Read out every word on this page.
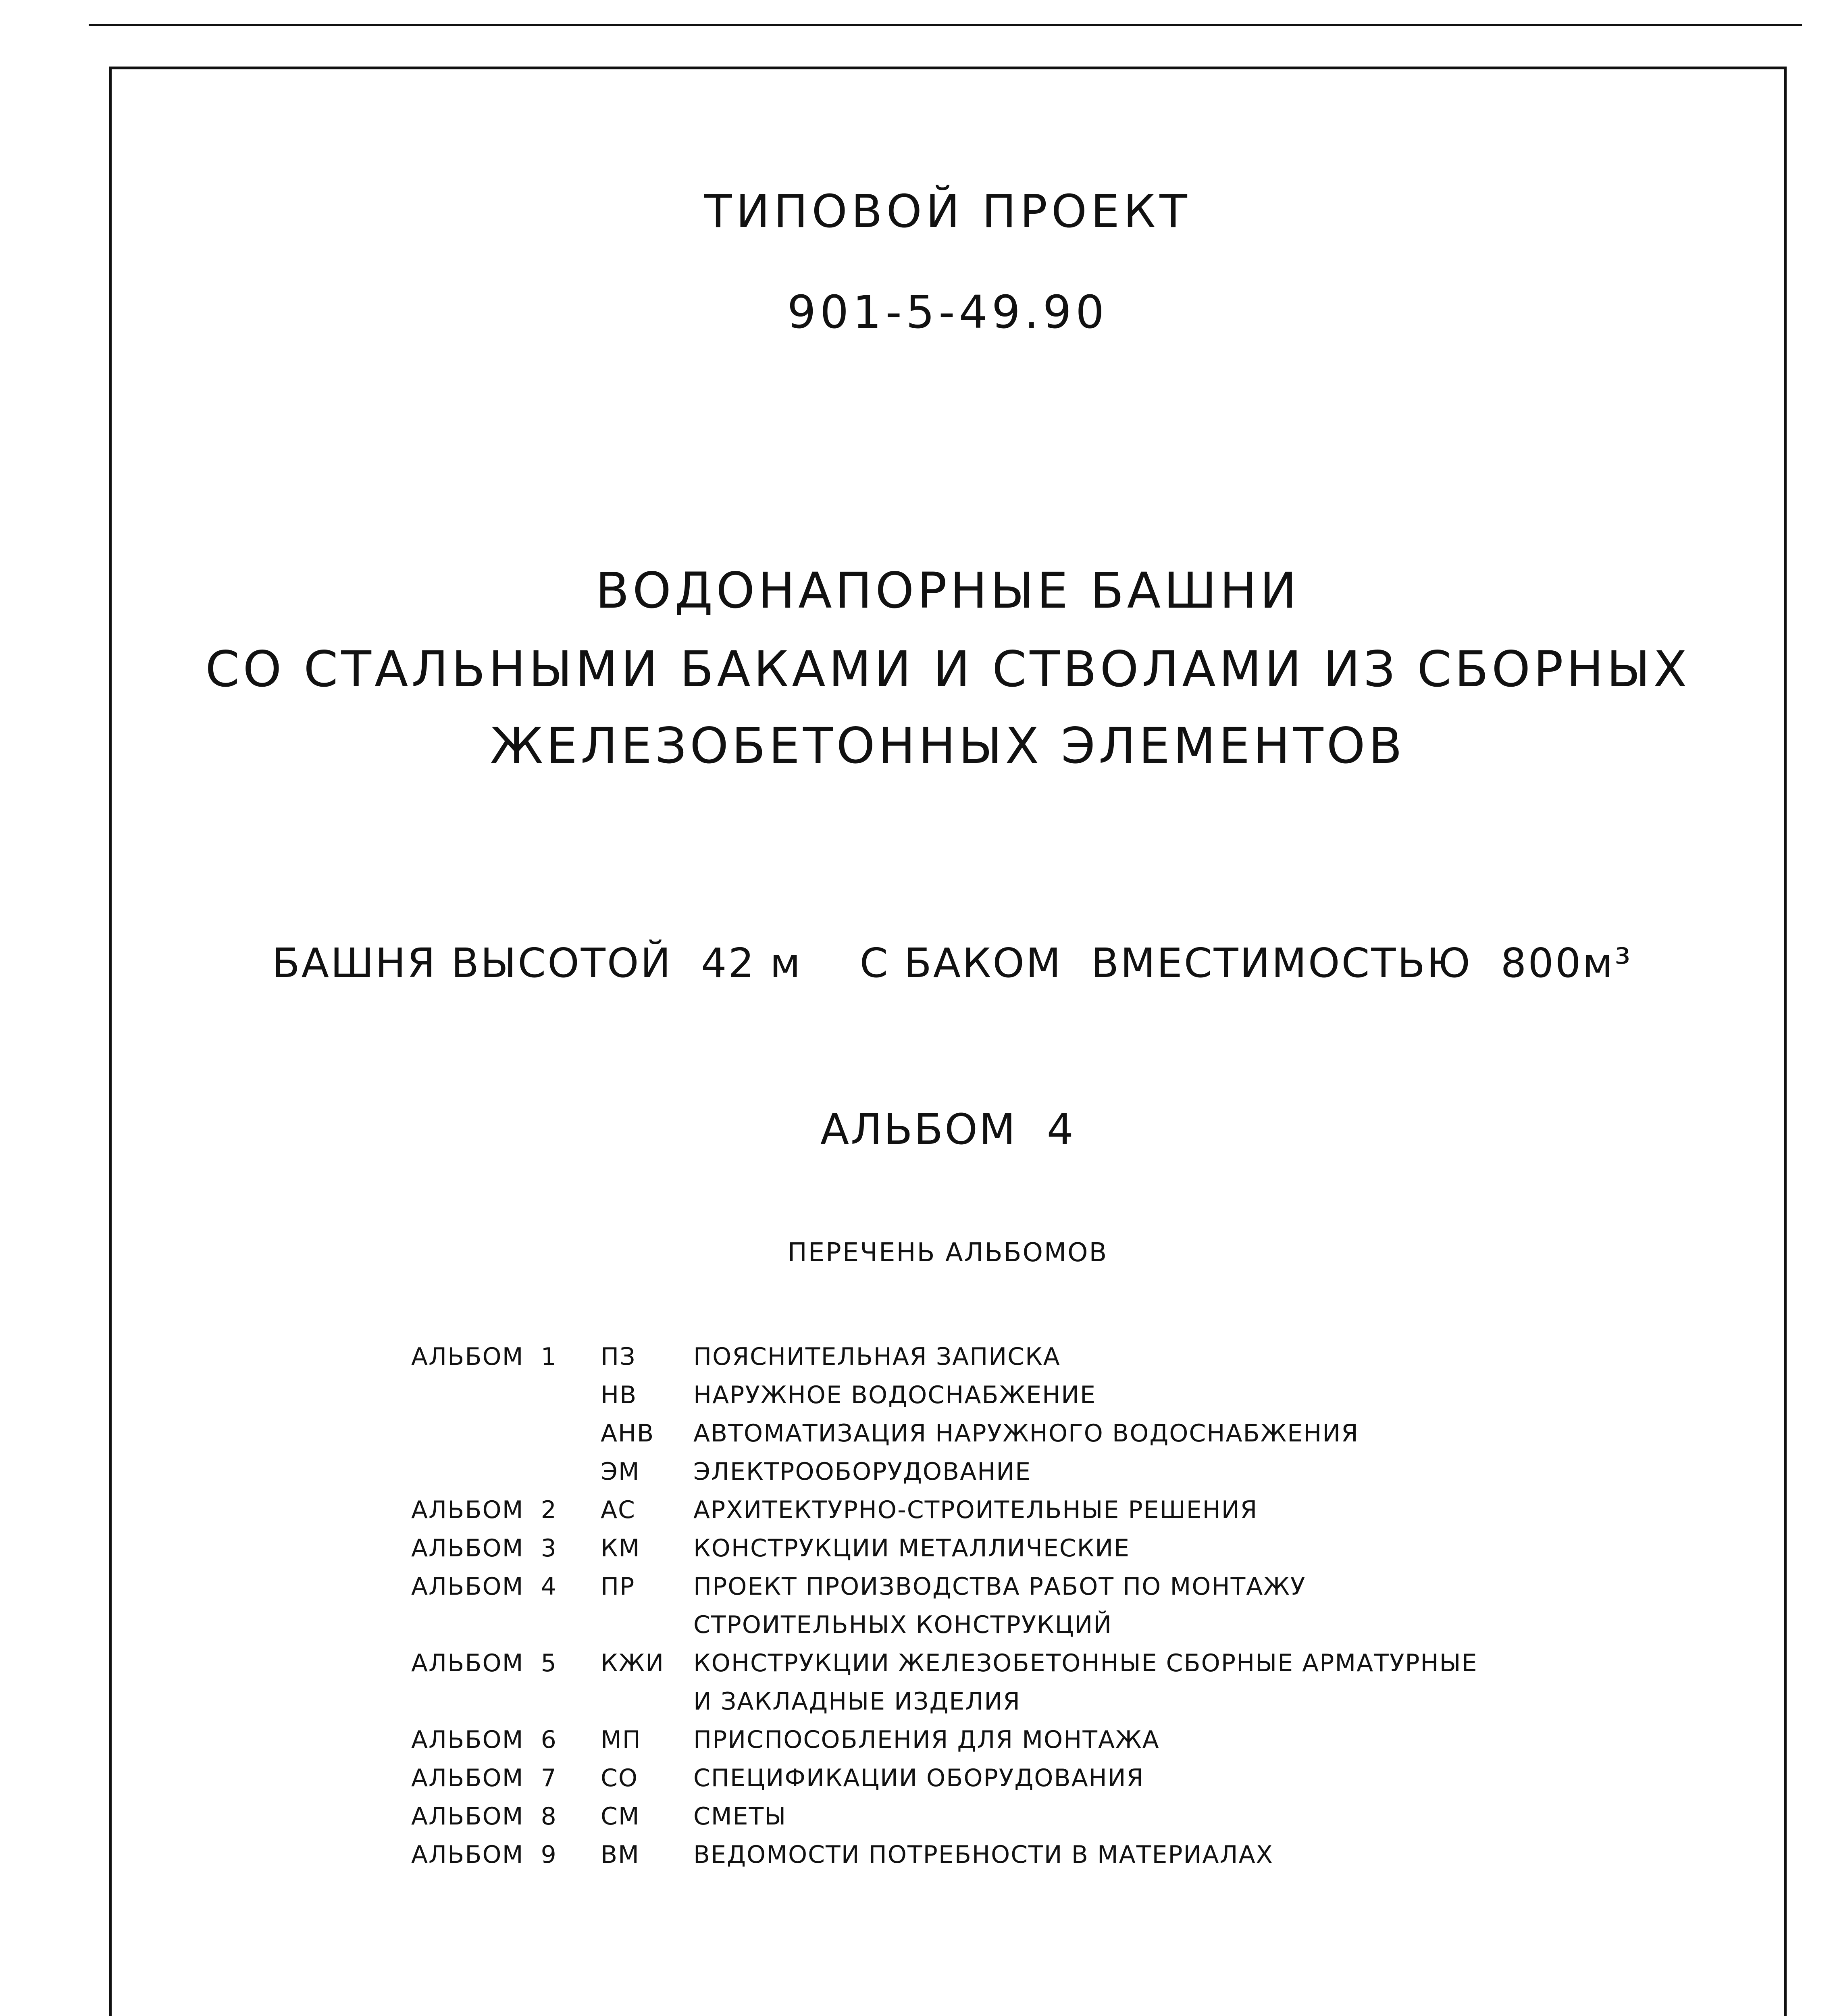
ТИПОВОЙ ПРОЕКТ
901-5-49.90
ВОДОНАПОРНЫЕ БАШНИ
СО СТАЛЬНЫМИ БАКАМИ И СТВОЛАМИ ИЗ СБОРНЫХ
ЖЕЛЕЗОБЕТОННЫХ ЭЛЕМЕНТОВ
БАШНЯ ВЫСОТОЙ  42 м    С БАКОМ  ВМЕСТИМОСТЬЮ  800м³
АЛЬБОМ  4
ПЕРЕЧЕНЬ АЛЬБОМОВ
АЛЬБОМ  1 ПЗ ПОЯСНИТЕЛЬНАЯ ЗАПИСКА
НВ НАРУЖНОЕ ВОДОСНАБЖЕНИЕ
АНВ АВТОМАТИЗАЦИЯ НАРУЖНОГО ВОДОСНАБЖЕНИЯ
ЭМ ЭЛЕКТРООБОРУДОВАНИЕ
АЛЬБОМ  2 АС АРХИТЕКТУРНО-СТРОИТЕЛЬНЫЕ РЕШЕНИЯ
АЛЬБОМ  3 КМ КОНСТРУКЦИИ МЕТАЛЛИЧЕСКИЕ
АЛЬБОМ  4 ПР ПРОЕКТ ПРОИЗВОДСТВА РАБОТ ПО МОНТАЖУ
СТРОИТЕЛЬНЫХ КОНСТРУКЦИЙ
АЛЬБОМ  5 КЖИ КОНСТРУКЦИИ ЖЕЛЕЗОБЕТОННЫЕ СБОРНЫЕ АРМАТУРНЫЕ
И ЗАКЛАДНЫЕ ИЗДЕЛИЯ
АЛЬБОМ  6 МП ПРИСПОСОБЛЕНИЯ ДЛЯ МОНТАЖА
АЛЬБОМ  7 СО СПЕЦИФИКАЦИИ ОБОРУДОВАНИЯ
АЛЬБОМ  8 СМ СМЕТЫ
АЛЬБОМ  9 ВМ ВЕДОМОСТИ ПОТРЕБНОСТИ В МАТЕРИАЛАХ
